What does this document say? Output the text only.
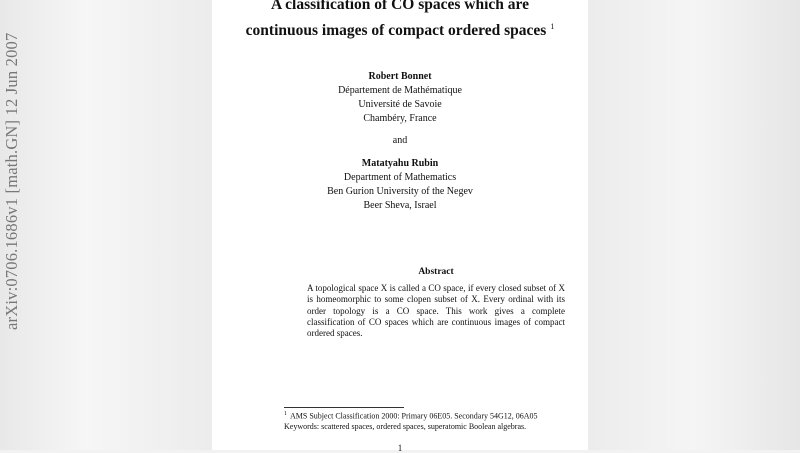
arXiv:0706.1686v1 [math.GN] 12 Jun 2007
A classification of CO spaces which are
continuous images of compact ordered spaces $^1$
Robert Bonnet
Département de Mathématique
Université de Savoie
Chambéry, France
and
Matatyahu Rubin
Department of Mathematics
Ben Gurion University of the Negev
Beer Sheva, Israel
Abstract
A topological space X is called a CO space, if every closed subset of X is homeomorphic to some clopen subset of X. Every ordinal with its order topology is a CO space. This work gives a complete classification of CO spaces which are continuous images of compact ordered spaces.
$^1$ AMS Subject Classification 2000: Primary 06E05. Secondary 54G12, 06A05
Keywords: scattered spaces, ordered spaces, superatomic Boolean algebras.
1
